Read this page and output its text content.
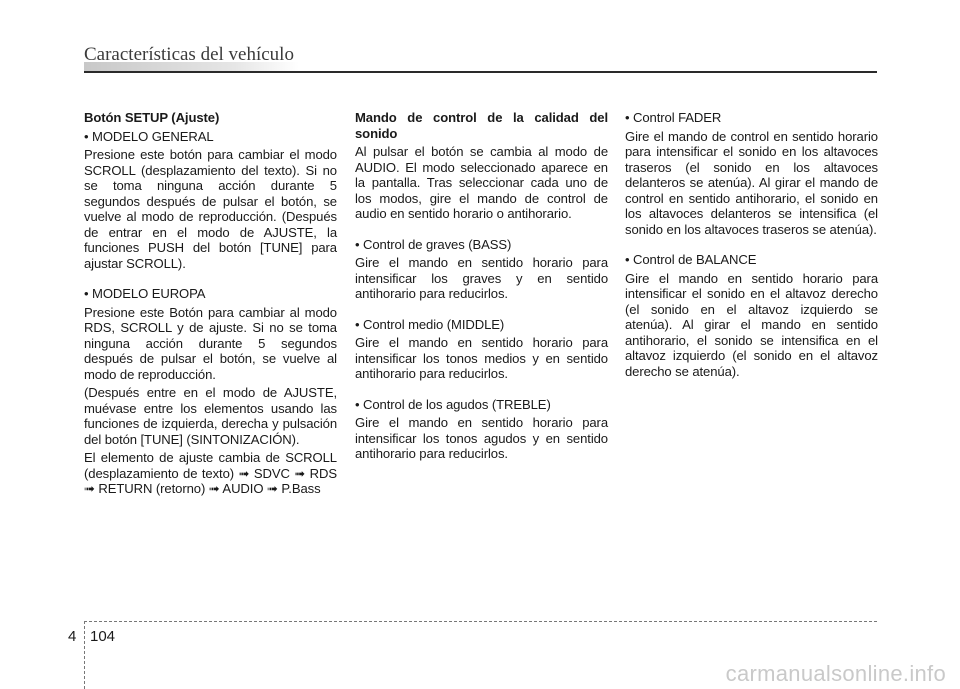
Características del vehículo

Botón SETUP (Ajuste)

• MODELO GENERAL

Presione este botón para cambiar el modo SCROLL (desplazamiento del texto). Si no se toma ninguna acción durante 5 segundos después de pulsar el botón, se vuelve al modo de reproducción. (Después de entrar en el modo de AJUSTE, la funciones PUSH del botón [TUNE] para ajustar SCROLL).

• MODELO EUROPA

Presione este Botón para cambiar al modo RDS, SCROLL y de ajuste. Si no se toma ninguna acción durante 5 segundos después de pulsar el botón, se vuelve al modo de reproducción.

(Después entre en el modo de AJUSTE, muévase entre los elementos usando las funciones de izquierda, derecha y pulsación del botón [TUNE] (SINTONIZACIÓN).

El elemento de ajuste cambia de SCROLL (desplazamiento de texto) ➟ SDVC ➟ RDS ➟ RETURN (retorno) ➟ AUDIO ➟ P.Bass

Mando de control de la calidad del sonido

Al pulsar el botón se cambia al modo de AUDIO. El modo seleccionado aparece en la pantalla. Tras seleccionar cada uno de los modos, gire el mando de control de audio en sentido horario o antihorario.

• Control de graves (BASS)

Gire el mando en sentido horario para intensificar los graves y en sentido antihorario para reducirlos.

• Control medio (MIDDLE)

Gire el mando en sentido horario para intensificar los tonos medios y en sentido antihorario para reducirlos.

• Control de los agudos (TREBLE)

Gire el mando en sentido horario para intensificar los tonos agudos y en sentido antihorario para reducirlos.

• Control FADER

Gire el mando de control en sentido horario para intensificar el sonido en los altavoces traseros (el sonido en los altavoces delanteros se atenúa). Al girar el mando de control en sentido antihorario, el sonido en los altavoces delanteros se intensifica (el sonido en los altavoces traseros se atenúa).

• Control de BALANCE

Gire el mando en sentido horario para intensificar el sonido en el altavoz derecho (el sonido en el altavoz izquierdo se atenúa). Al girar el mando en sentido antihorario, el sonido se intensifica en el altavoz izquierdo (el sonido en el altavoz derecho se atenúa).

4 104
carmanualsonline.info
